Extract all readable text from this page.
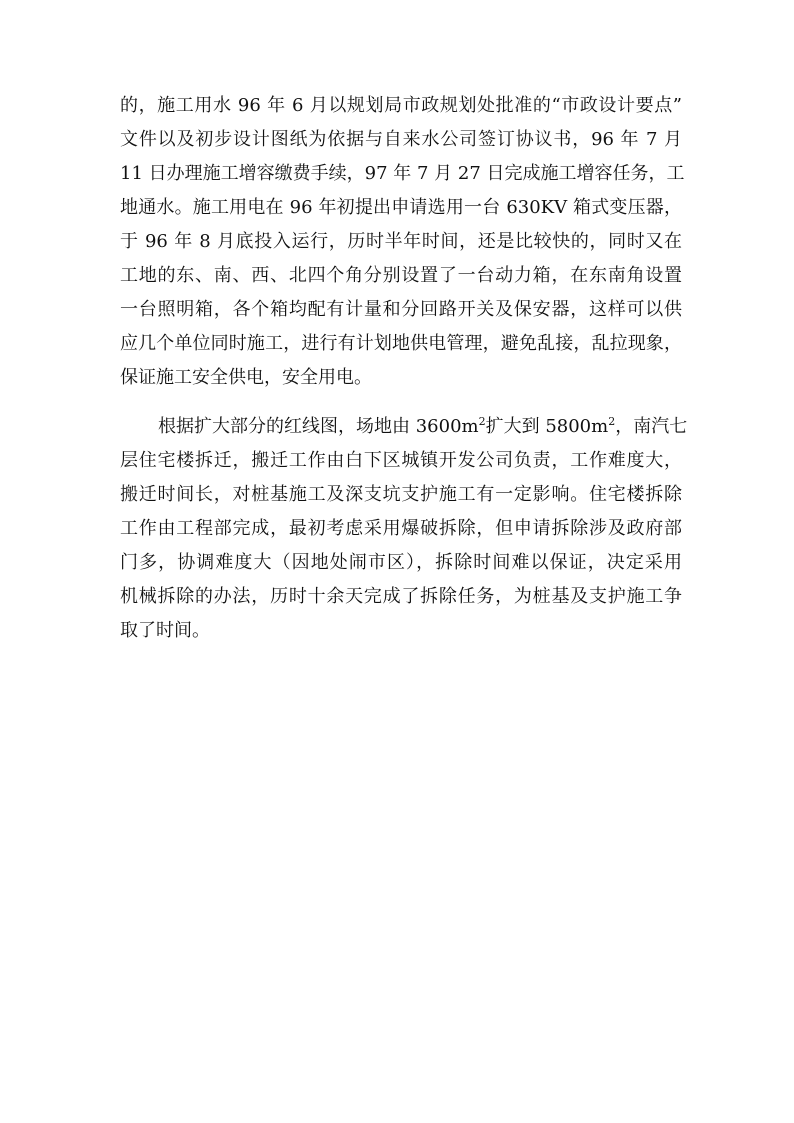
的，施工用水 96 年 6 月以规划局市政规划处批准的“市政设计要点”
文件以及初步设计图纸为依据与自来水公司签订协议书，96 年 7 月
11 日办理施工增容缴费手续，97 年 7 月 27 日完成施工增容任务，工
地通水。施工用电在 96 年初提出申请选用一台 630KV 箱式变压器，
于 96 年 8 月底投入运行，历时半年时间，还是比较快的，同时又在
工地的东、南、西、北四个角分别设置了一台动力箱，在东南角设置
一台照明箱，各个箱均配有计量和分回路开关及保安器，这样可以供
应几个单位同时施工，进行有计划地供电管理，避免乱接，乱拉现象，
保证施工安全供电，安全用电。
根据扩大部分的红线图，场地由 $3600m^2$扩大到 $5800m^2$，南汽七
层住宅楼拆迁，搬迁工作由白下区城镇开发公司负责，工作难度大，
搬迁时间长，对桩基施工及深支坑支护施工有一定影响。住宅楼拆除
工作由工程部完成，最初考虑采用爆破拆除，但申请拆除涉及政府部
门多，协调难度大（因地处闹市区），拆除时间难以保证，决定采用
机械拆除的办法，历时十余天完成了拆除任务，为桩基及支护施工争
取了时间。
